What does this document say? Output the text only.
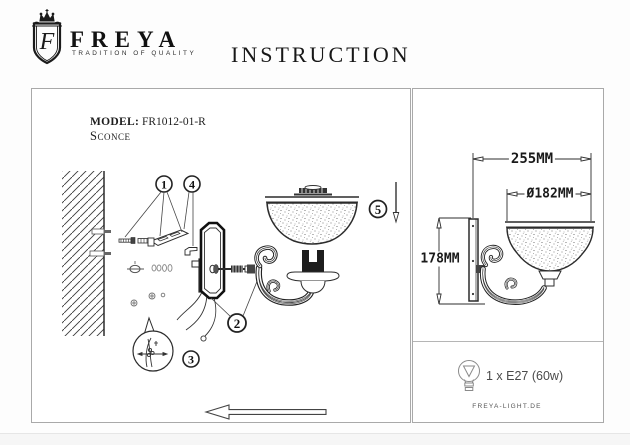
F FREYA
TRADITION OF QUALITY INSTRUCTION
MODEL: FR1012-01-R
Sconce
1 4
3
2
5
255MM
Ø182MM
178MM
1 x E27 (60w)
FREYA-LIGHT.DE
